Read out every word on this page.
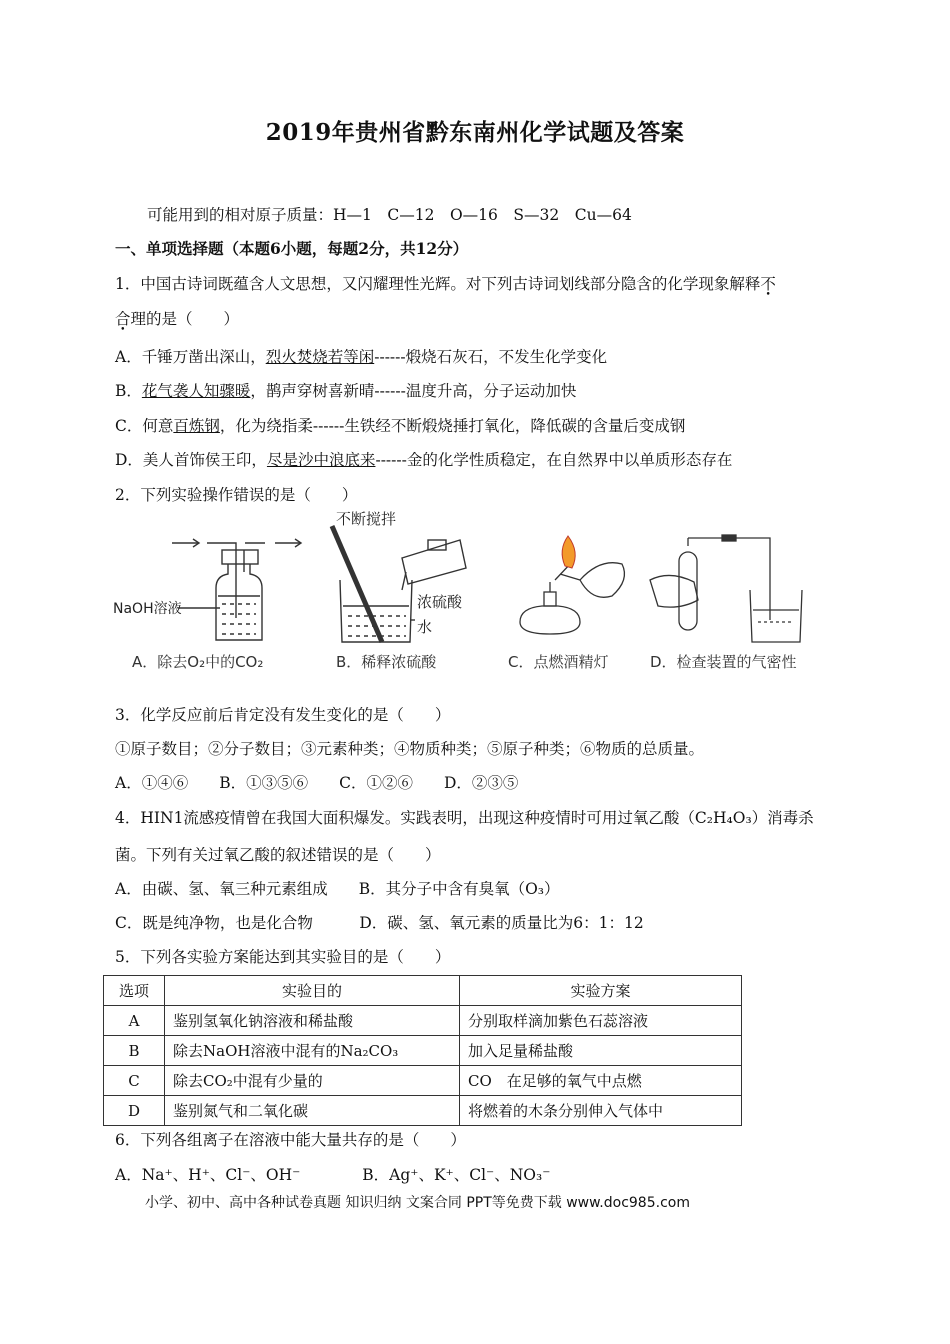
2019年贵州省黔东南州化学试题及答案
可能用到的相对原子质量：H—1　C—12　O—16　S—32　Cu—64
一、单项选择题（本题6小题，每题2分，共12分）
1．中国古诗词既蕴含人文思想，又闪耀理性光辉。对下列古诗词划线部分隐含的化学现象解释不
合理的是（　　）
A．千锤万凿出深山，烈火焚烧若等闲------煅烧石灰石，不发生化学变化
B．花气袭人知骤暖，鹊声穿树喜新晴------温度升高，分子运动加快
C．何意百炼钢，化为绕指柔------生铁经不断煅烧捶打氧化，降低碳的含量后变成钢
D．美人首饰侯王印，尽是沙中浪底来------金的化学性质稳定，在自然界中以单质形态存在
2．下列实验操作错误的是（　　）
NaOH溶液
A．除去O₂中的CO₂
不断搅拌
浓硫酸
水
B．稀释浓硫酸	C．点燃酒精灯	D．检查装置的气密性
3．化学反应前后肯定没有发生变化的是（　　）
①原子数目；②分子数目；③元素种类；④物质种类；⑤原子种类；⑥物质的总质量。
A．①④⑥　　B．①③⑤⑥　　C．①②⑥　　D．②③⑤
4．HIN1流感疫情曾在我国大面积爆发。实践表明，出现这种疫情时可用过氧乙酸（C₂H₄O₃）消毒杀
菌。下列有关过氧乙酸的叙述错误的是（　　）
A．由碳、氢、氧三种元素组成　　B．其分子中含有臭氧（O₃）
C．既是纯净物，也是化合物　　　D．碳、氢、氧元素的质量比为6：1：12
5．下列各实验方案能达到其实验目的是（　　）
选项	实验目的	实验方案
A	鉴别氢氧化钠溶液和稀盐酸	分别取样滴加紫色石蕊溶液
B	除去NaOH溶液中混有的Na₂CO₃	加入足量稀盐酸
C	除去CO₂中混有少量的	CO　在足够的氧气中点燃
D	鉴别氮气和二氧化碳	将燃着的木条分别伸入气体中
6．下列各组离子在溶液中能大量共存的是（　　）
A．Na⁺、H⁺、Cl⁻、OH⁻　　　　B．Ag⁺、K⁺、Cl⁻、NO₃⁻
小学、初中、高中各种试卷真题 知识归纳 文案合同 PPT等免费下载 www.doc985.com
